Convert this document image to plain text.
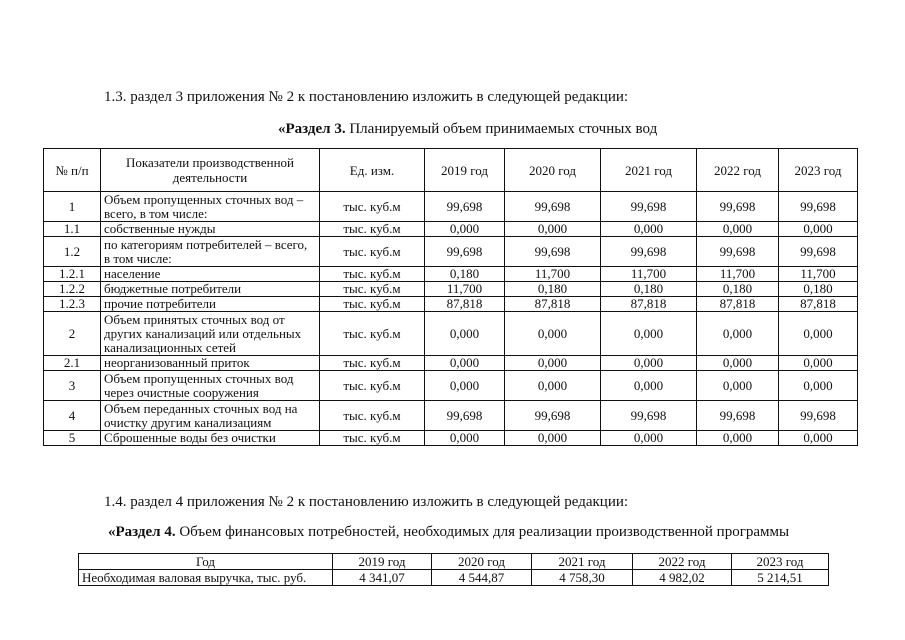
1.3. раздел 3 приложения № 2 к постановлению изложить в следующей редакции:
«Раздел 3. Планируемый объем принимаемых сточных вод
№ п/п	Показатели производственной деятельности	Ед. изм.	2019 год	2020 год	2021 год	2022 год	2023 год
1	Объем пропущенных сточных вод – всего, в том числе:	тыс. куб.м	99,698	99,698	99,698	99,698	99,698
1.1	собственные нужды	тыс. куб.м	0,000	0,000	0,000	0,000	0,000
1.2	по категориям потребителей – всего, в том числе:	тыс. куб.м	99,698	99,698	99,698	99,698	99,698
1.2.1	население	тыс. куб.м	0,180	11,700	11,700	11,700	11,700
1.2.2	бюджетные потребители	тыс. куб.м	11,700	0,180	0,180	0,180	0,180
1.2.3	прочие потребители	тыс. куб.м	87,818	87,818	87,818	87,818	87,818
2	Объем принятых сточных вод от других канализаций или отдельных канализационных сетей	тыс. куб.м	0,000	0,000	0,000	0,000	0,000
2.1	неорганизованный приток	тыс. куб.м	0,000	0,000	0,000	0,000	0,000
3	Объем пропущенных сточных вод через очистные сооружения	тыс. куб.м	0,000	0,000	0,000	0,000	0,000
4	Объем переданных сточных вод на очистку другим канализациям	тыс. куб.м	99,698	99,698	99,698	99,698	99,698
5	Сброшенные воды без очистки	тыс. куб.м	0,000	0,000	0,000	0,000	0,000
1.4. раздел 4 приложения № 2 к постановлению изложить в следующей редакции:
«Раздел 4. Объем финансовых потребностей, необходимых для реализации производственной программы
Год	2019 год	2020 год	2021 год	2022 год	2023 год
Необходимая валовая выручка, тыс. руб.	4 341,07	4 544,87	4 758,30	4 982,02	5 214,51
